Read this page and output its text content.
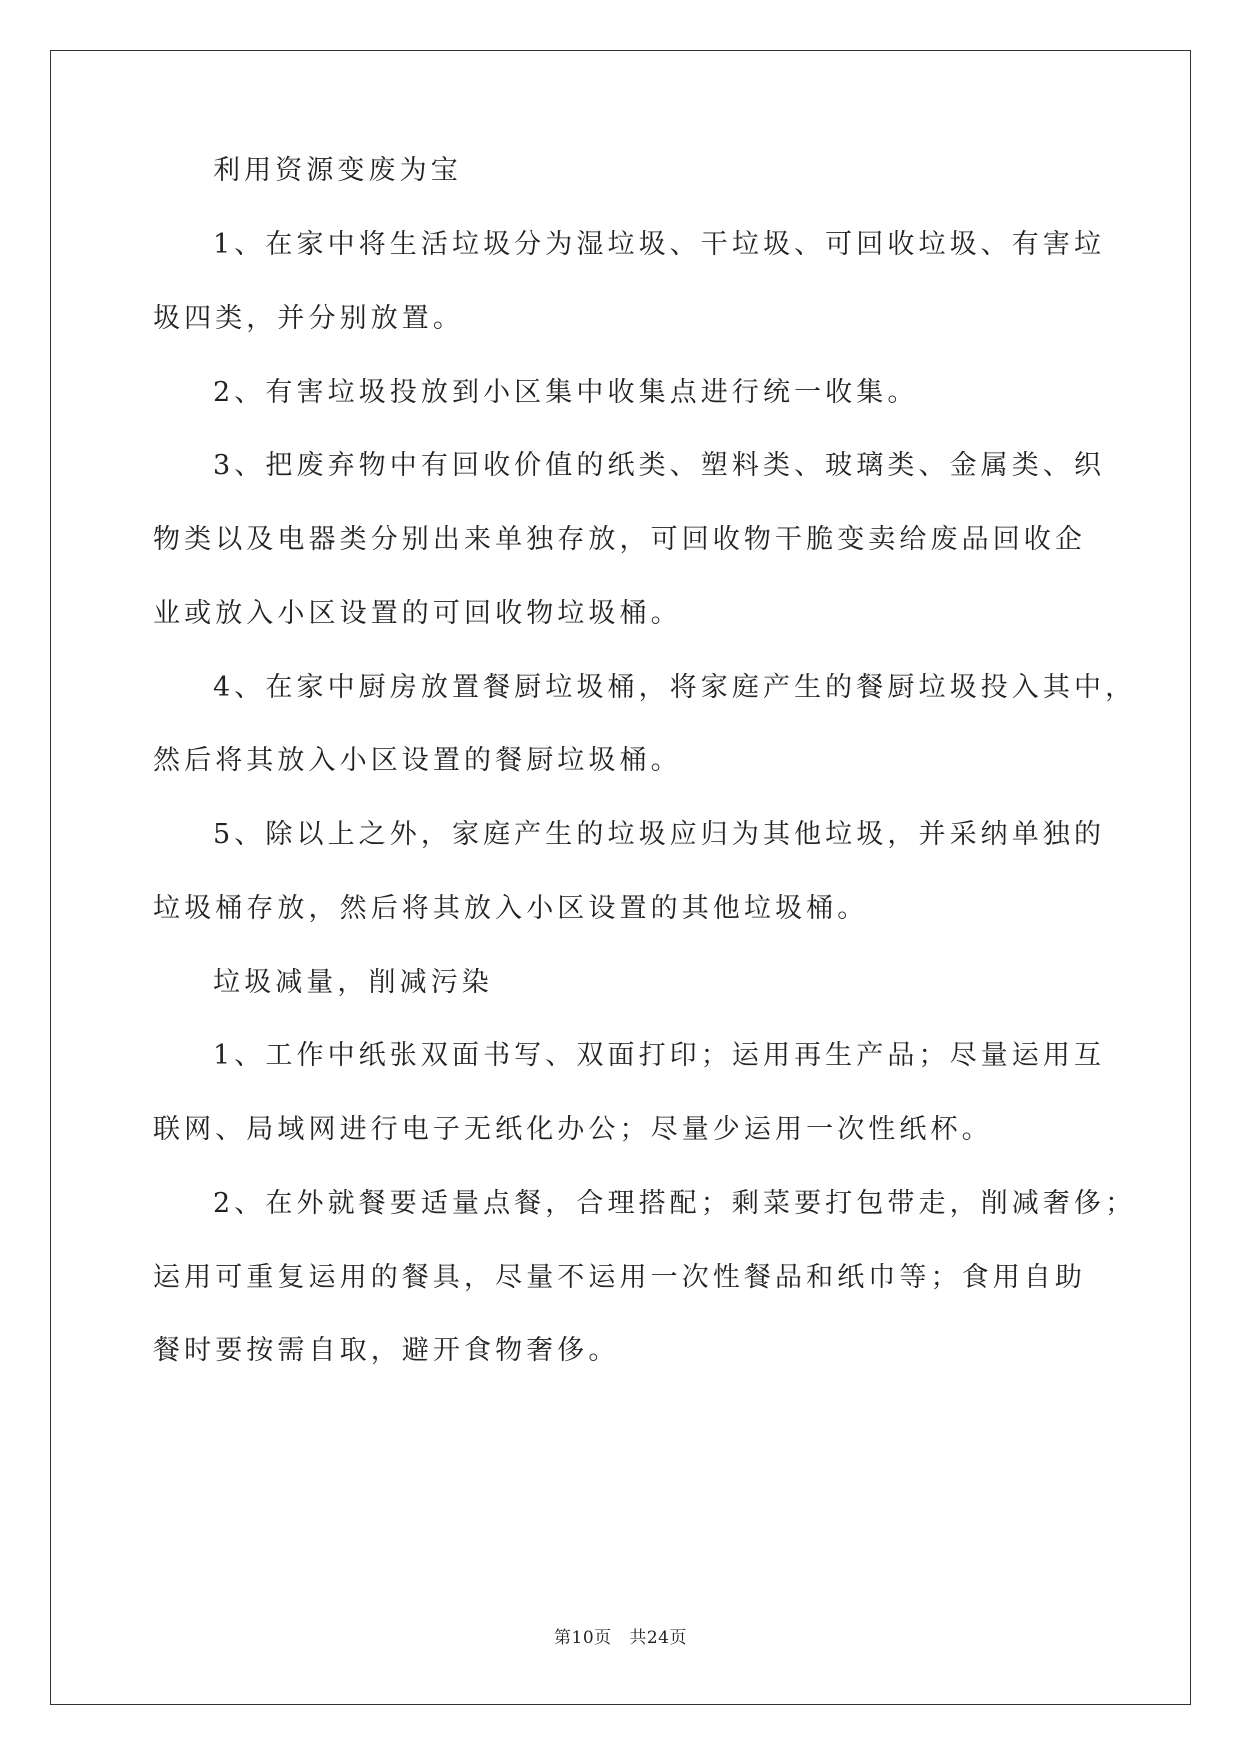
利用资源变废为宝
1、在家中将生活垃圾分为湿垃圾、干垃圾、可回收垃圾、有害垃
圾四类，并分别放置。
2、有害垃圾投放到小区集中收集点进行统一收集。
3、把废弃物中有回收价值的纸类、塑料类、玻璃类、金属类、织
物类以及电器类分别出来单独存放，可回收物干脆变卖给废品回收企
业或放入小区设置的可回收物垃圾桶。
4、在家中厨房放置餐厨垃圾桶，将家庭产生的餐厨垃圾投入其中，
然后将其放入小区设置的餐厨垃圾桶。
5、除以上之外，家庭产生的垃圾应归为其他垃圾，并采纳单独的
垃圾桶存放，然后将其放入小区设置的其他垃圾桶。
垃圾减量，削减污染
1、工作中纸张双面书写、双面打印；运用再生产品；尽量运用互
联网、局域网进行电子无纸化办公；尽量少运用一次性纸杯。
2、在外就餐要适量点餐，合理搭配；剩菜要打包带走，削减奢侈；
运用可重复运用的餐具，尽量不运用一次性餐品和纸巾等；食用自助
餐时要按需自取，避开食物奢侈。
第10页   共24页
